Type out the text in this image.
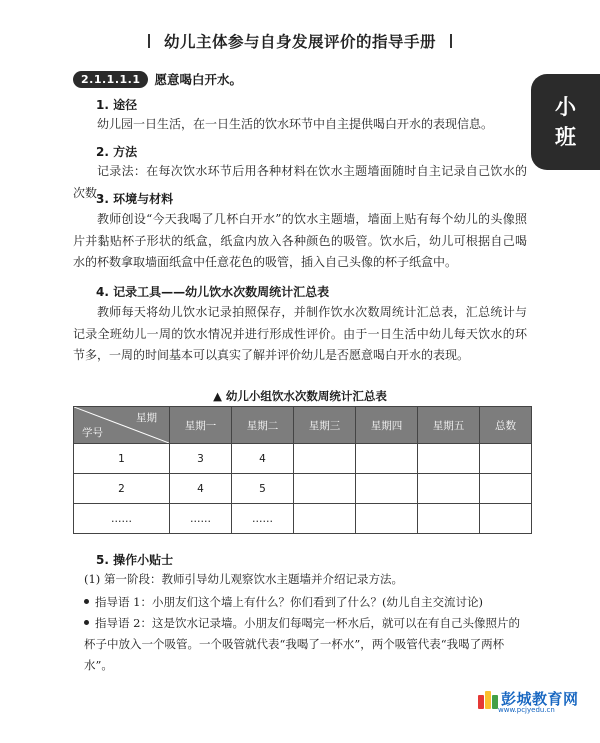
幼儿主体参与自身发展评价的指导手册
小
班
2.1.1.1.1	愿意喝白开水。
1. 途径
幼儿园一日生活，在一日生活的饮水环节中自主提供喝白开水的表现信息。
2. 方法
记录法：在每次饮水环节后用各种材料在饮水主题墙面随时自主记录自己饮水的次数。
3. 环境与材料
教师创设“今天我喝了几杯白开水”的饮水主题墙，墙面上贴有每个幼儿的头像照片并黏贴杯子形状的纸盒，纸盒内放入各种颜色的吸管。饮水后，幼儿可根据自己喝水的杯数拿取墙面纸盒中任意花色的吸管，插入自己头像的杯子纸盒中。
4. 记录工具——幼儿饮水次数周统计汇总表
教师每天将幼儿饮水记录拍照保存，并制作饮水次数周统计汇总表，汇总统计与记录全班幼儿一周的饮水情况并进行形成性评价。由于一日生活中幼儿每天饮水的环节多，一周的时间基本可以真实了解并评价幼儿是否愿意喝白开水的表现。
▲ 幼儿小组饮水次数周统计汇总表
星期
学号	星期一	星期二	星期三	星期四	星期五	总数
1	3	4				
2	4	5				
……	……	……				
5. 操作小贴士
(1) 第一阶段：教师引导幼儿观察饮水主题墙并介绍记录方法。
指导语 1：小朋友们这个墙上有什么？你们看到了什么？(幼儿自主交流讨论)
指导语 2：这是饮水记录墙。小朋友们每喝完一杯水后，就可以在有自己头像照片的杯子中放入一个吸管。一个吸管就代表“我喝了一杯水”，两个吸管代表“我喝了两杯水”。
彭城教育网
www.pcjyedu.cn
